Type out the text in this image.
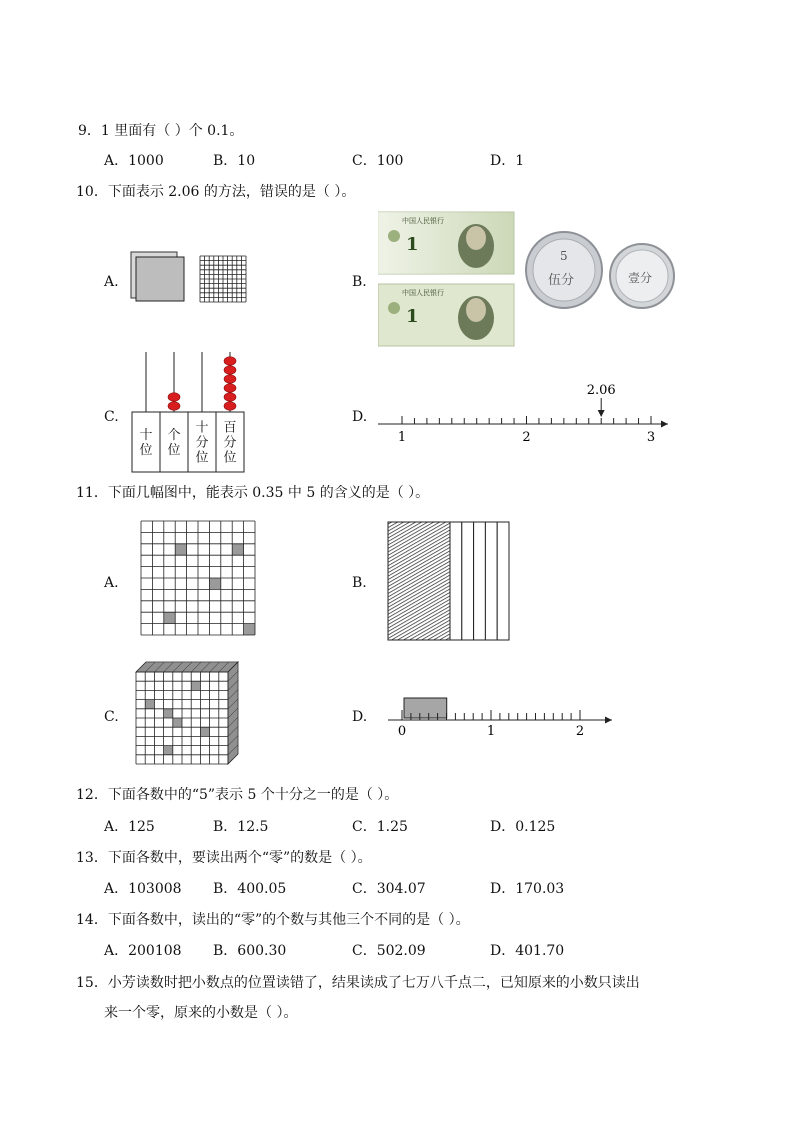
9．1 里面有（ ）个 0.1。
A．1000	B．10	C．100	D．1
10．下面表示 2.06 的方法，错误的是（ ）。
A.	B.
中国人民银行
1
中国人民银行
1
5
伍分	壹分
C.
十
位
个
位
十
分
位
百
分
位
D.
1	2	3
2.06
11．下面几幅图中，能表示 0.35 中 5 的含义的是（ ）。
A.	B.
C.	D.
0	1	2
12．下面各数中的“5”表示 5 个十分之一的是（ ）。
A．125	B．12.5	C．1.25	D．0.125
13．下面各数中，要读出两个“零”的数是（ ）。
A．103008 B．400.05	C．304.07	D．170.03
14．下面各数中，读出的“零”的个数与其他三个不同的是（ ）。
A．200108 B．600.30	C．502.09	D．401.70
15．小芳读数时把小数点的位置读错了，结果读成了七万八千点二，已知原来的小数只读出
来一个零，原来的小数是（ ）。
